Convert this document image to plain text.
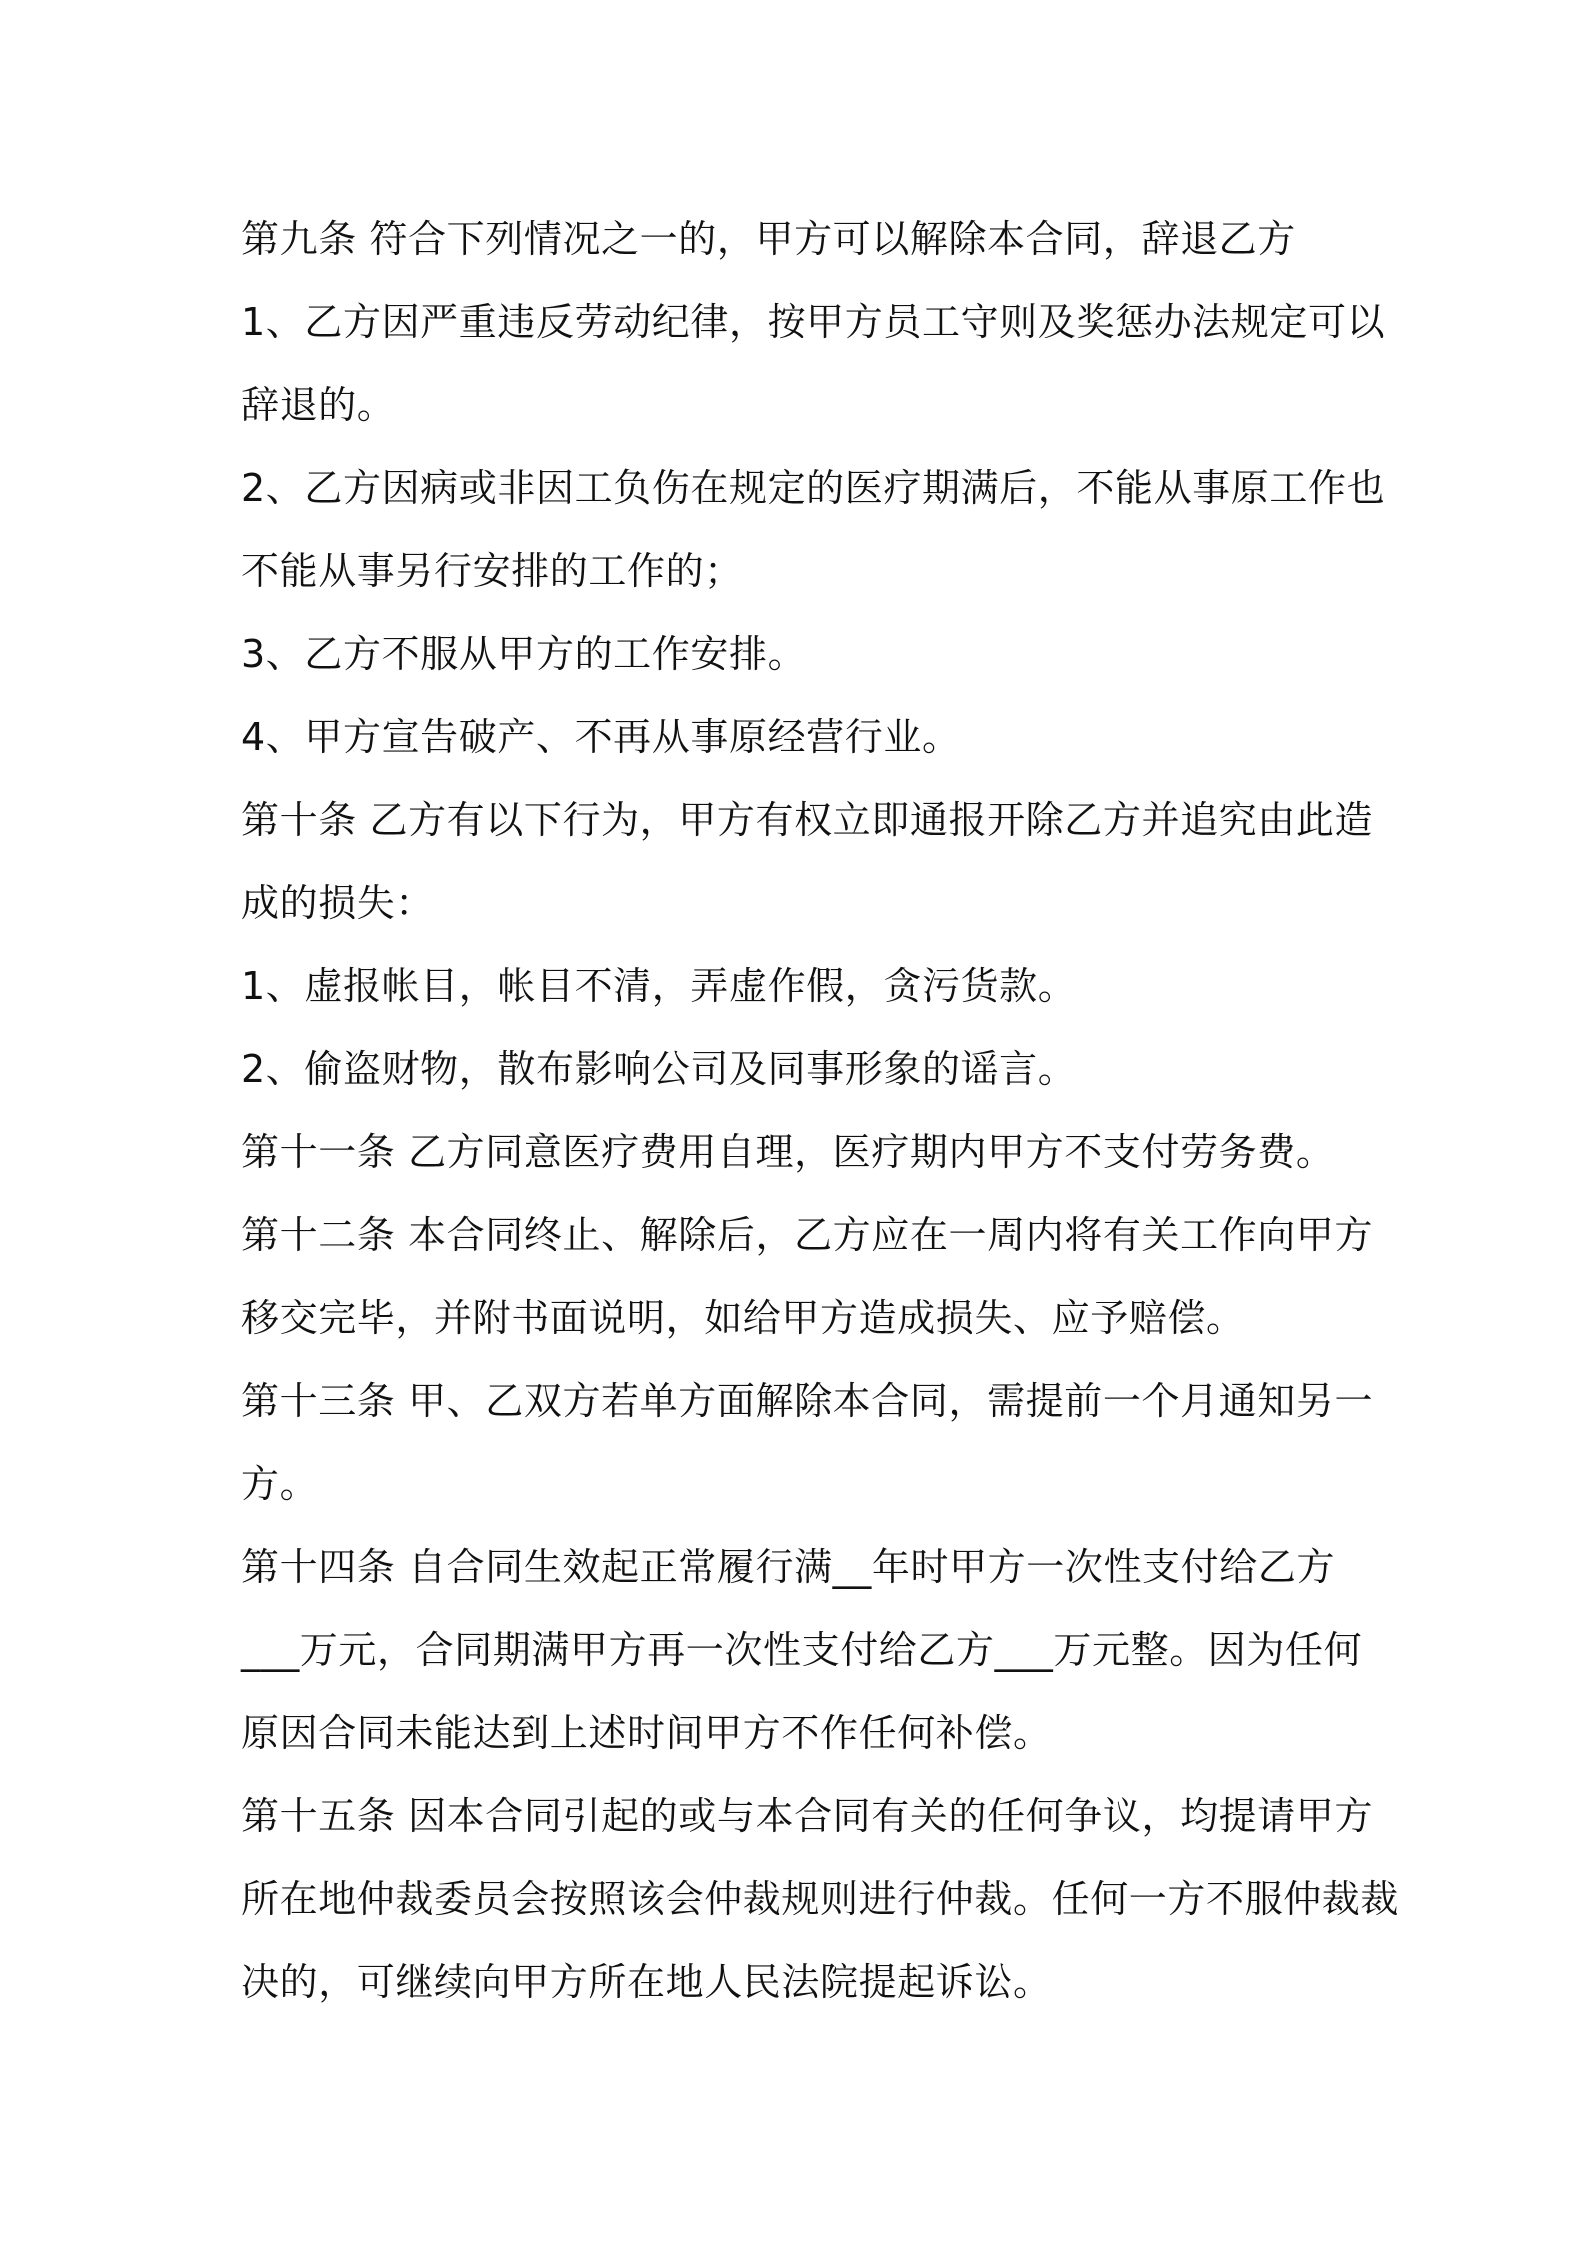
第九条 符合下列情况之一的，甲方可以解除本合同，辞退乙方

1、乙方因严重违反劳动纪律，按甲方员工守则及奖惩办法规定可以
辞退的。

2、乙方因病或非因工负伤在规定的医疗期满后，不能从事原工作也
不能从事另行安排的工作的；

3、乙方不服从甲方的工作安排。

4、甲方宣告破产、不再从事原经营行业。

第十条 乙方有以下行为，甲方有权立即通报开除乙方并追究由此造
成的损失：

1、虚报帐目，帐目不清，弄虚作假，贪污货款。

2、偷盗财物，散布影响公司及同事形象的谣言。

第十一条 乙方同意医疗费用自理，医疗期内甲方不支付劳务费。

第十二条 本合同终止、解除后，乙方应在一周内将有关工作向甲方
移交完毕，并附书面说明，如给甲方造成损失、应予赔偿。

第十三条 甲、乙双方若单方面解除本合同，需提前一个月通知另一
方。

第十四条 自合同生效起正常履行满__年时甲方一次性支付给乙方
___万元，合同期满甲方再一次性支付给乙方___万元整。因为任何
原因合同未能达到上述时间甲方不作任何补偿。

第十五条 因本合同引起的或与本合同有关的任何争议，均提请甲方
所在地仲裁委员会按照该会仲裁规则进行仲裁。任何一方不服仲裁裁
决的，可继续向甲方所在地人民法院提起诉讼。
